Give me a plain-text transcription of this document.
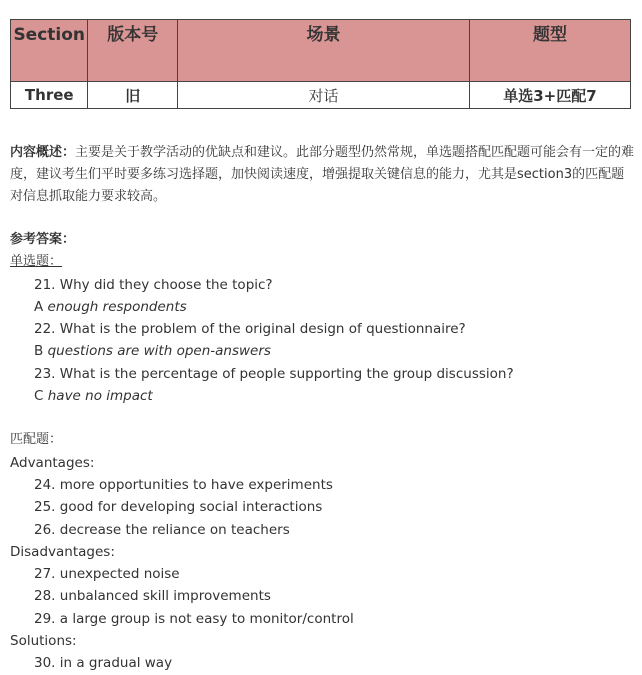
Section	版本号	场景	题型
Three	旧	对话	单选3+匹配7

内容概述：主要是关于教学活动的优缺点和建议。此部分题型仍然常规，单选题搭配匹配题可能会有一定的难度，建议考生们平时要多练习选择题，加快阅读速度，增强提取关键信息的能力，尤其是section3的匹配题对信息抓取能力要求较高。

参考答案：
单选题：
21. Why did they choose the topic?
A enough respondents
22. What is the problem of the original design of questionnaire?
B questions are with open-answers
23. What is the percentage of people supporting the group discussion?
C have no impact
匹配题：
Advantages:
24. more opportunities to have experiments
25. good for developing social interactions
26. decrease the reliance on teachers
Disadvantages:
27. unexpected noise
28. unbalanced skill improvements
29. a large group is not easy to monitor/control
Solutions:
30. in a gradual way
